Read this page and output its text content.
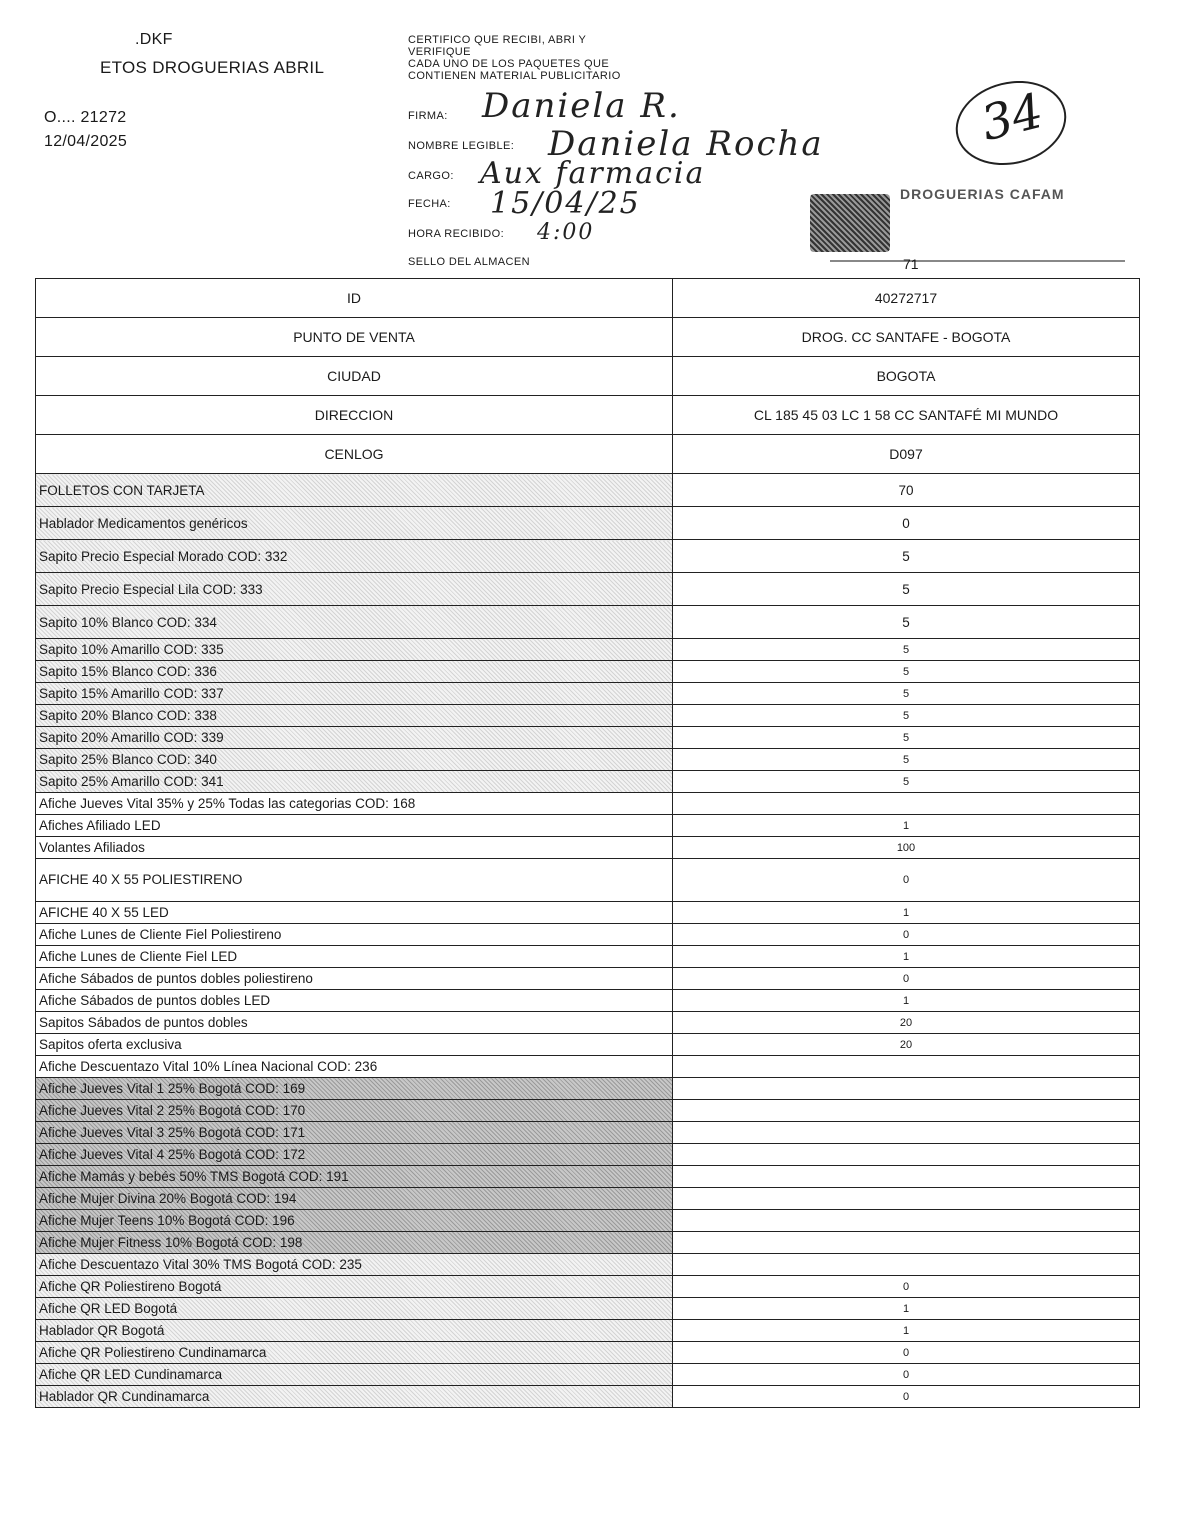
.DKF
ETOS DROGUERIAS ABRIL
O.... 21272
12/04/2025
CERTIFICO QUE RECIBI, ABRI Y
VERIFIQUE
CADA UNO DE LOS PAQUETES QUE
CONTIENEN MATERIAL PUBLICITARIO
FIRMA:
NOMBRE LEGIBLE:
CARGO:
FECHA:
HORA RECIBIDO:
SELLO DEL ALMACEN
Daniela R.
Daniela Rocha
Aux farmacia
15/04/25
4:00
34
DROGUERIAS CAFAM
71
ID	40272717
PUNTO DE VENTA	DROG. CC SANTAFE - BOGOTA
CIUDAD	BOGOTA
DIRECCION	CL 185 45 03 LC 1 58 CC SANTAFÉ MI MUNDO
CENLOG	D097
FOLLETOS CON TARJETA	70
Hablador Medicamentos genéricos	0
Sapito Precio Especial Morado COD: 332	5
Sapito Precio Especial Lila COD: 333	5
Sapito 10% Blanco COD: 334	5
Sapito 10% Amarillo COD: 335	5
Sapito 15% Blanco COD: 336	5
Sapito 15% Amarillo COD: 337	5
Sapito 20% Blanco COD: 338	5
Sapito 20% Amarillo COD: 339	5
Sapito 25% Blanco COD: 340	5
Sapito 25% Amarillo COD: 341	5
Afiche Jueves Vital 35% y 25% Todas las categorias COD: 168	
Afiches Afiliado LED	1
Volantes Afiliados	100
AFICHE 40 X 55 POLIESTIRENO	0
AFICHE 40 X 55 LED	1
Afiche Lunes de Cliente Fiel Poliestireno	0
Afiche Lunes de Cliente Fiel LED	1
Afiche Sábados de puntos dobles poliestireno	0
Afiche Sábados de puntos dobles LED	1
Sapitos Sábados de puntos dobles	20
Sapitos oferta exclusiva	20
Afiche Descuentazo Vital 10% Línea Nacional COD: 236	
Afiche Jueves Vital 1 25% Bogotá COD: 169	
Afiche Jueves Vital 2 25% Bogotá COD: 170	
Afiche Jueves Vital 3 25% Bogotá COD: 171	
Afiche Jueves Vital 4 25% Bogotá COD: 172	
Afiche Mamás y bebés 50% TMS Bogotá COD: 191	
Afiche Mujer Divina 20% Bogotá COD: 194	
Afiche Mujer Teens 10% Bogotá COD: 196	
Afiche Mujer Fitness 10% Bogotá COD: 198	
Afiche Descuentazo Vital 30% TMS Bogotá COD: 235	
Afiche QR Poliestireno Bogotá	0
Afiche QR LED Bogotá	1
Hablador QR Bogotá	1
Afiche QR Poliestireno Cundinamarca	0
Afiche QR LED Cundinamarca	0
Hablador QR Cundinamarca	0
